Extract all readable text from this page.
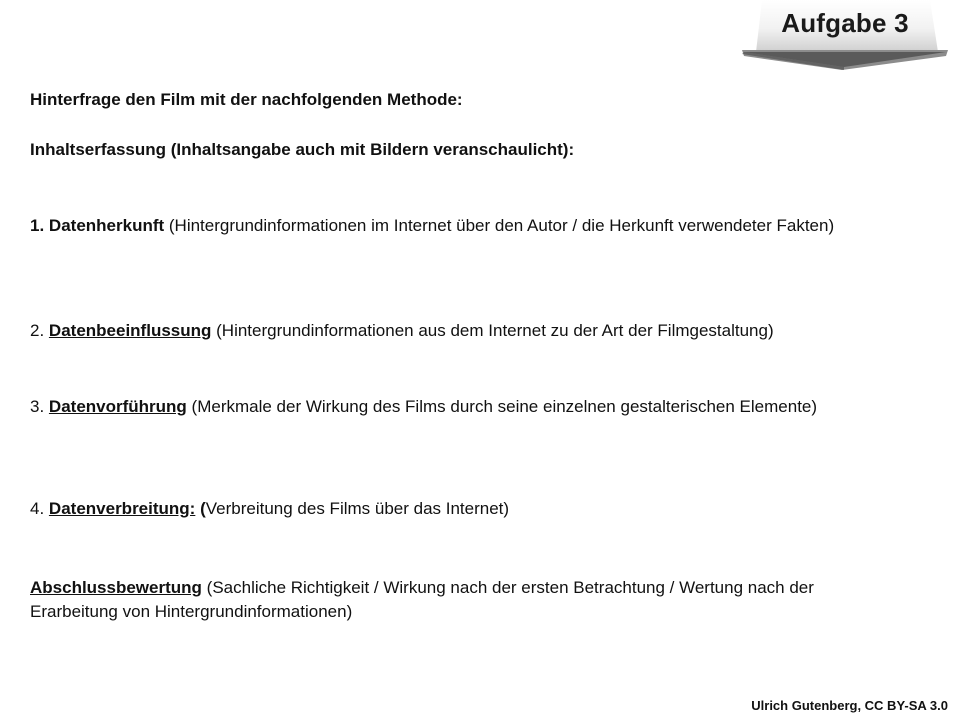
Aufgabe 3

Hinterfrage den Film mit der nachfolgenden Methode:

Inhaltserfassung (Inhaltsangabe auch mit Bildern veranschaulicht):

1. Datenherkunft (Hintergrundinformationen im Internet über den Autor / die Herkunft verwendeter Fakten)

2. Datenbeeinflussung (Hintergrundinformationen aus dem Internet zu der Art der Filmgestaltung)

3. Datenvorführung (Merkmale der Wirkung des Films durch seine einzelnen gestalterischen Elemente)

4. Datenverbreitung: (Verbreitung des Films über das Internet)

Abschlussbewertung (Sachliche Richtigkeit / Wirkung nach der ersten Betrachtung / Wertung nach der Erarbeitung von Hintergrundinformationen)

Ulrich Gutenberg, CC BY-SA 3.0
